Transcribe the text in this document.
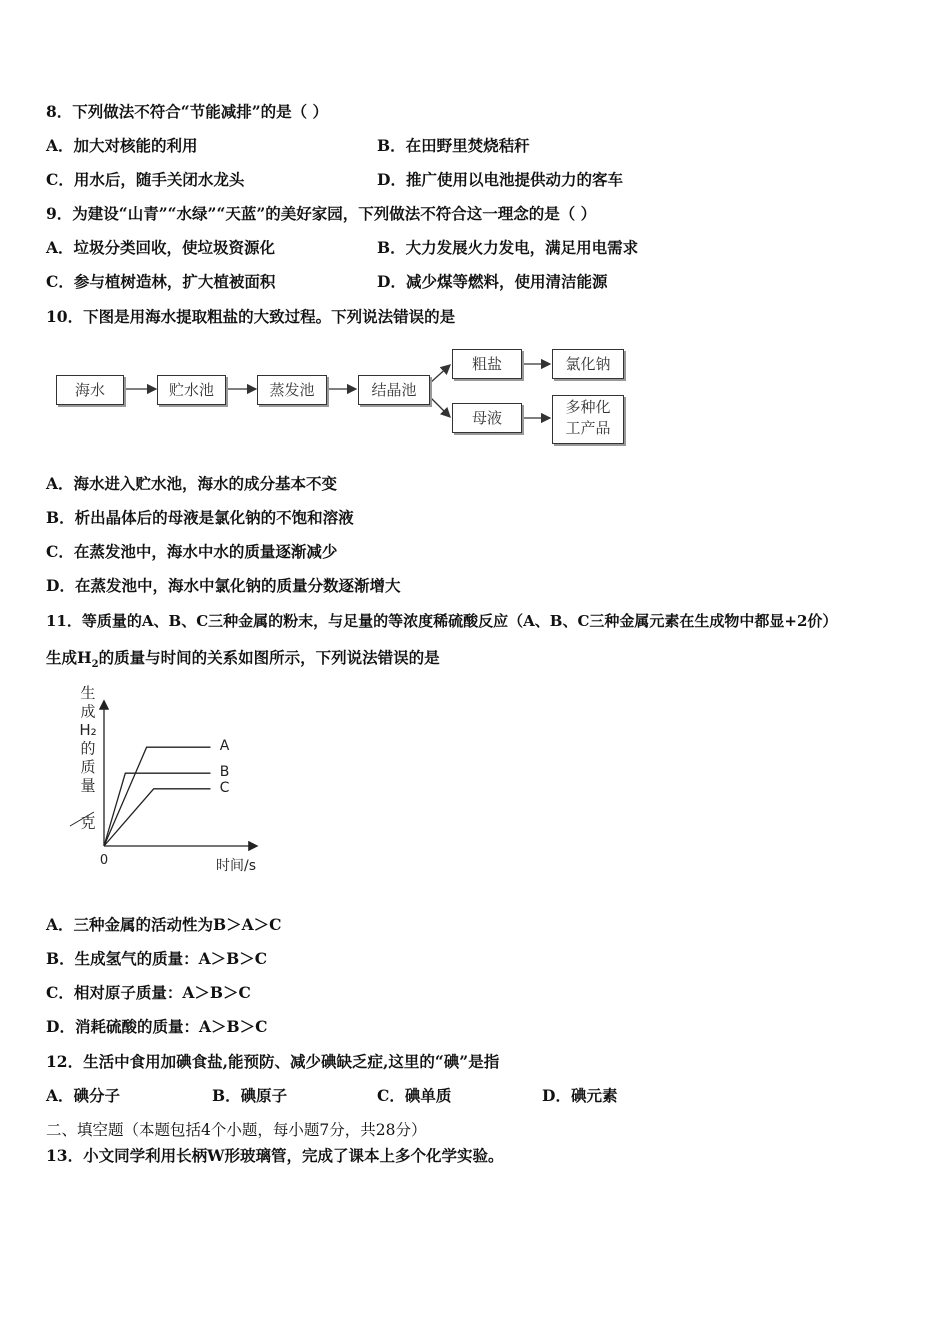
8．下列做法不符合“节能减排”的是（ ）
A．加大对核能的利用	B．在田野里焚烧秸秆
C．用水后，随手关闭水龙头	D．推广使用以电池提供动力的客车
9．为建设“山青”“水绿”“天蓝”的美好家园，下列做法不符合这一理念的是（ ）
A．垃圾分类回收，使垃圾资源化	B．大力发展火力发电，满足用电需求
C．参与植树造林，扩大植被面积	D．减少煤等燃料，使用清洁能源
10．下图是用海水提取粗盐的大致过程。下列说法错误的是
海水	贮水池	蒸发池	结晶池
粗盐	氯化钠
母液
多种化
工产品
A．海水进入贮水池，海水的成分基本不变
B．析出晶体后的母液是氯化钠的不饱和溶液
C．在蒸发池中，海水中水的质量逐渐减少
D．在蒸发池中，海水中氯化钠的质量分数逐渐增大
11．等质量的A、B、C三种金属的粉末，与足量的等浓度稀硫酸反应（A、B、C三种金属元素在生成物中都显+2价）
生成$H_2$的质量与时间的关系如图所示，下列说法错误的是
生
成
H₂
的
质
量
克
0	时间/s
A
B
C
A．三种金属的活动性为B＞A＞C
B．生成氢气的质量：A＞B＞C
C．相对原子质量：A＞B＞C
D．消耗硫酸的质量：A＞B＞C
12．生活中食用加碘食盐,能预防、减少碘缺乏症,这里的“碘”是指
A．碘分子	B．碘原子	C．碘单质	D．碘元素
二、填空题（本题包括4个小题，每小题7分，共28分）
13．小文同学利用长柄W形玻璃管，完成了课本上多个化学实验。
